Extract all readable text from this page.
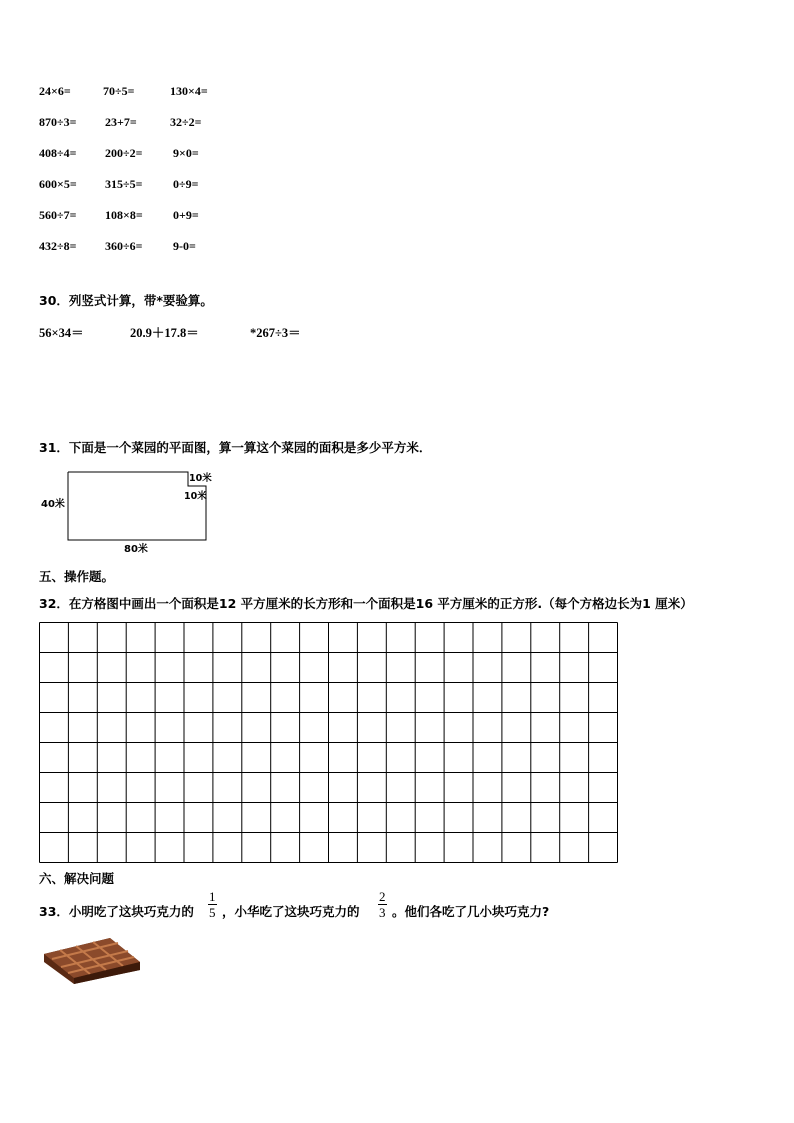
24×6=	70÷5=	130×4=
870÷3= 23+7=	32÷2=
408÷4= 200÷2=	9×0=
600×5= 315÷5=	0÷9=
560÷7= 108×8=	0+9=
432÷8= 360÷6=	9-0=
30．列竖式计算，带*要验算。
56×34＝	20.9＋17.8＝	*267÷3＝
31．下面是一个菜园的平面图，算一算这个菜园的面积是多少平方米．
40米
80米
10米
10米
五、操作题。
32．在方格图中画出一个面积是12 平方厘米的长方形和一个面积是16 平方厘米的正方形.（每个方格边长为1 厘米）
六、解决问题
33．小明吃了这块巧克力的 $\frac{1}{5}$ ，小华吃了这块巧克力的 $\frac{2}{3}$ 。他们各吃了几小块巧克力?
